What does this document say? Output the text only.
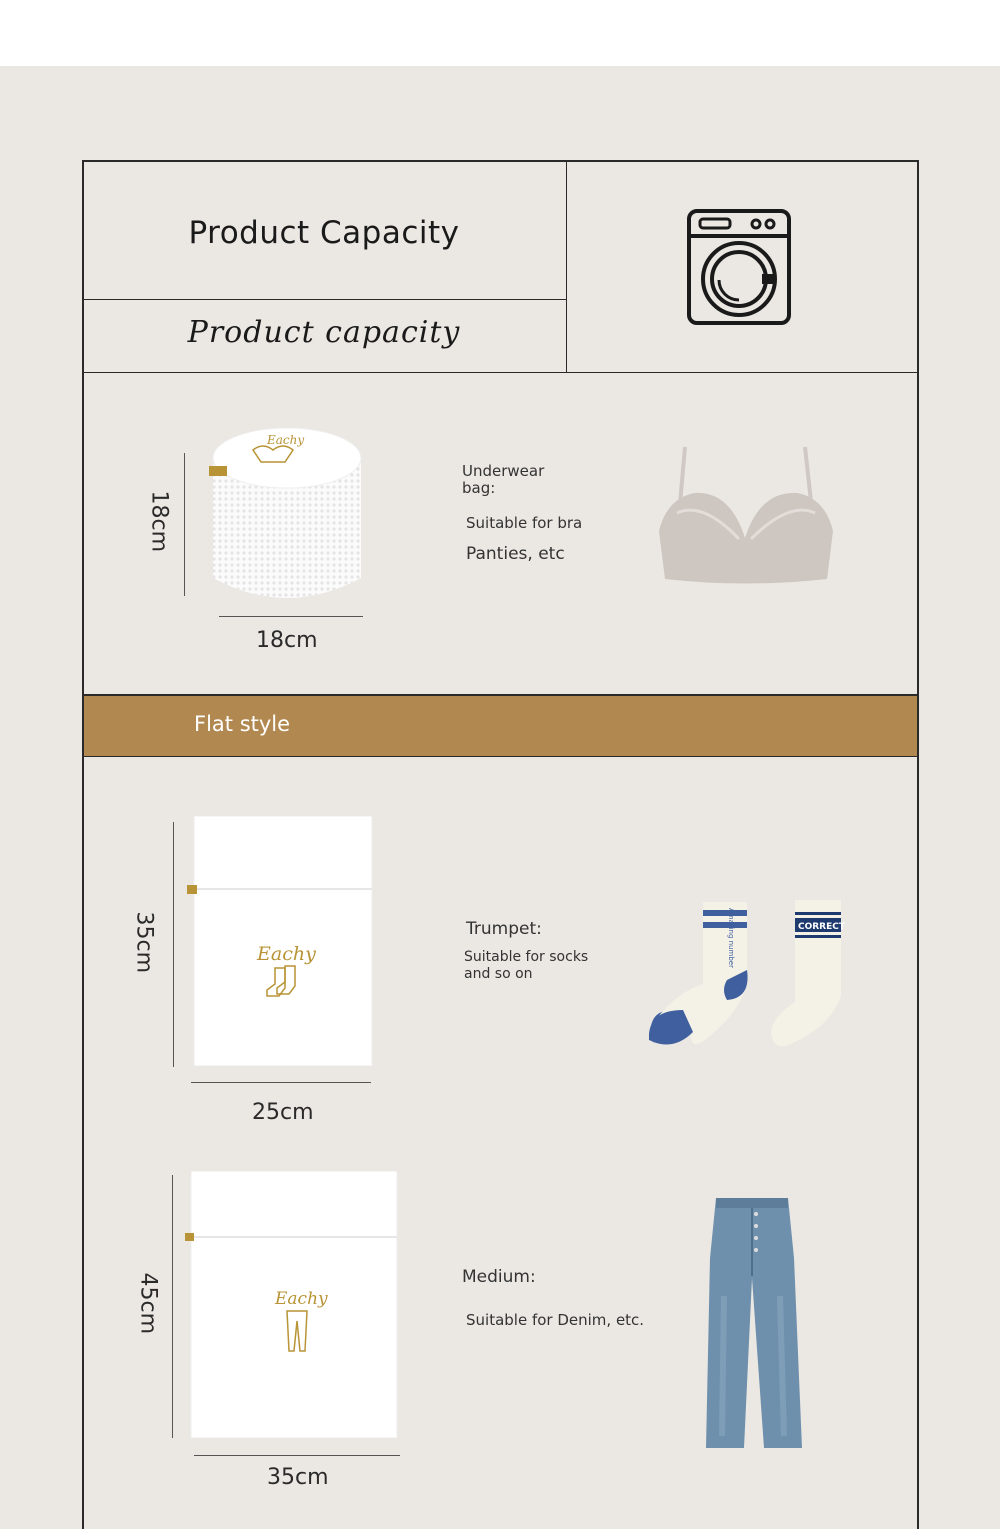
Product Capacity
Product capacity
18cm
Eachy
18cm
Underwear bag:
Suitable for bra
Panties, etc
Flat style
35cm	Eachy
25cm
Trumpet:
Suitable for socks and so on
Amazing number	CORRECT
45cm	Eachy
35cm
Medium:
Suitable for Denim, etc.
